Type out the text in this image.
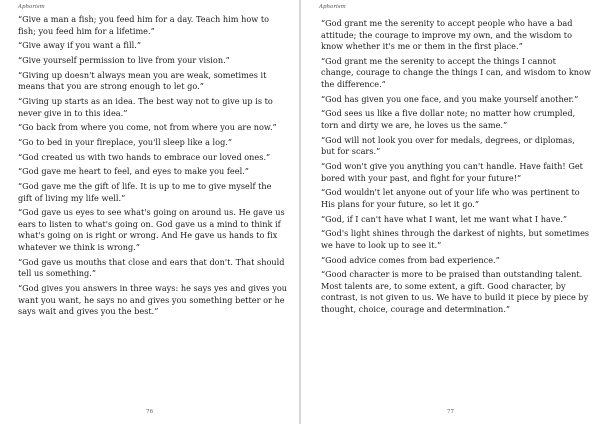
Aphorism

“Give a man a fish; you feed him for a day. Teach him how to fish; you feed him for a lifetime.”

“Give away if you want a fill.”

“Give yourself permission to live from your vision.”

“Giving up doesn't always mean you are weak, sometimes it means that you are strong enough to let go.”

“Giving up starts as an idea. The best way not to give up is to never give in to this idea.”

“Go back from where you come, not from where you are now.”

“Go to bed in your fireplace, you'll sleep like a log.”

“God created us with two hands to embrace our loved ones.”

“God gave me heart to feel, and eyes to make you feel.”

“God gave me the gift of life. It is up to me to give myself the gift of living my life well.”

“God gave us eyes to see what's going on around us. He gave us ears to listen to what's going on. God gave us a mind to think if what's going on is right or wrong. And He gave us hands to fix whatever we think is wrong.”

“God gave us mouths that close and ears that don't. That should tell us something.”

“God gives you answers in three ways: he says yes and gives you want you want, he says no and gives you something better or he says wait and gives you the best.”

76
Aphorism

“God grant me the serenity to accept people who have a bad attitude; the courage to improve my own, and the wisdom to know whether it's me or them in the first place.”

“God grant me the serenity to accept the things I cannot change, courage to change the things I can, and wisdom to know the difference.”

“God has given you one face, and you make yourself another.”

“God sees us like a five dollar note; no matter how crumpled, torn and dirty we are, he loves us the same.”

“God will not look you over for medals, degrees, or diplomas, but for scars.”

“God won't give you anything you can't handle. Have faith! Get bored with your past, and fight for your future!”

“God wouldn't let anyone out of your life who was pertinent to His plans for your future, so let it go.”

“God, if I can't have what I want, let me want what I have.”

“God's light shines through the darkest of nights, but sometimes we have to look up to see it.”

“Good advice comes from bad experience.”

“Good character is more to be praised than outstanding talent. Most talents are, to some extent, a gift. Good character, by contrast, is not given to us. We have to build it piece by piece by thought, choice, courage and determination.”

77
